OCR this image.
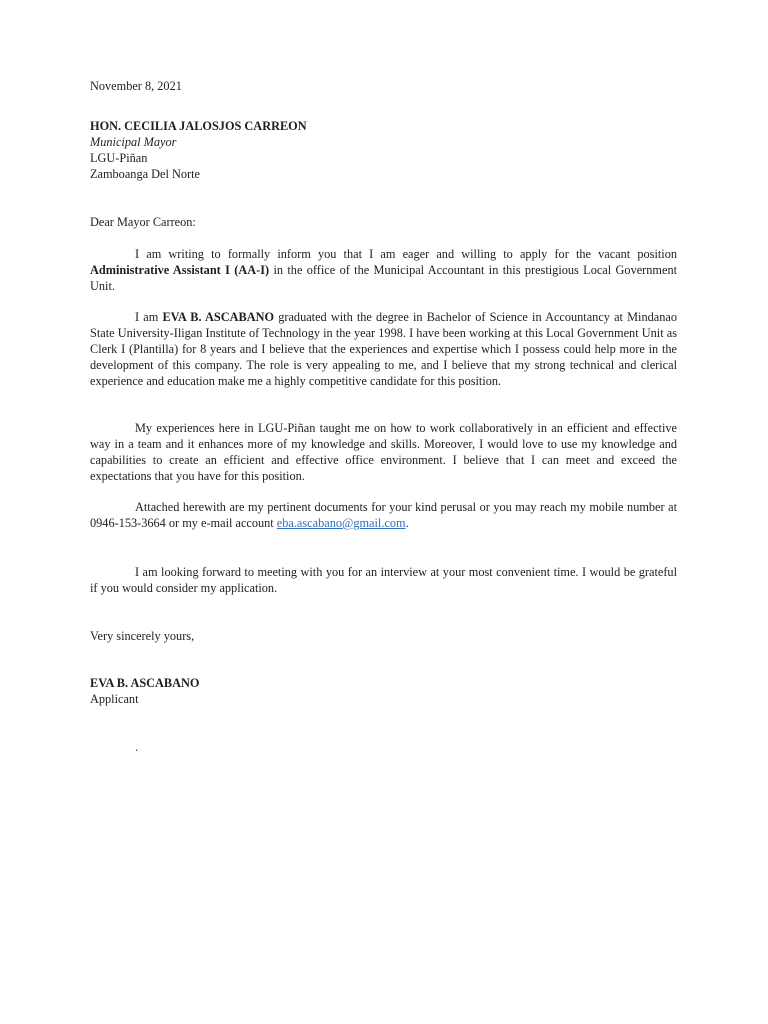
November 8, 2021
HON. CECILIA JALOSJOS CARREON
Municipal Mayor
LGU-Piñan
Zamboanga Del Norte
Dear Mayor Carreon:

I am writing to formally inform you that I am eager and willing to apply for the vacant position Administrative Assistant I (AA-I) in the office of the Municipal Accountant in this prestigious Local Government Unit.

I am EVA B. ASCABANO graduated with the degree in Bachelor of Science in Accountancy at Mindanao State University-Iligan Institute of Technology in the year 1998. I have been working at this Local Government Unit as Clerk I (Plantilla) for 8 years and I believe that the experiences and expertise which I possess could help more in the development of this company. The role is very appealing to me, and I believe that my strong technical and clerical experience and education make me a highly competitive candidate for this position.

My experiences here in LGU-Piñan taught me on how to work collaboratively in an efficient and effective way in a team and it enhances more of my knowledge and skills. Moreover, I would love to use my knowledge and capabilities to create an efficient and effective office environment. I believe that I can meet and exceed the expectations that you have for this position.

Attached herewith are my pertinent documents for your kind perusal or you may reach my mobile number at 0946-153-3664 or my e-mail account eba.ascabano@gmail.com.

I am looking forward to meeting with you for an interview at your most convenient time. I would be grateful if you would consider my application.

Very sincerely yours,
EVA B. ASCABANO
Applicant
.
